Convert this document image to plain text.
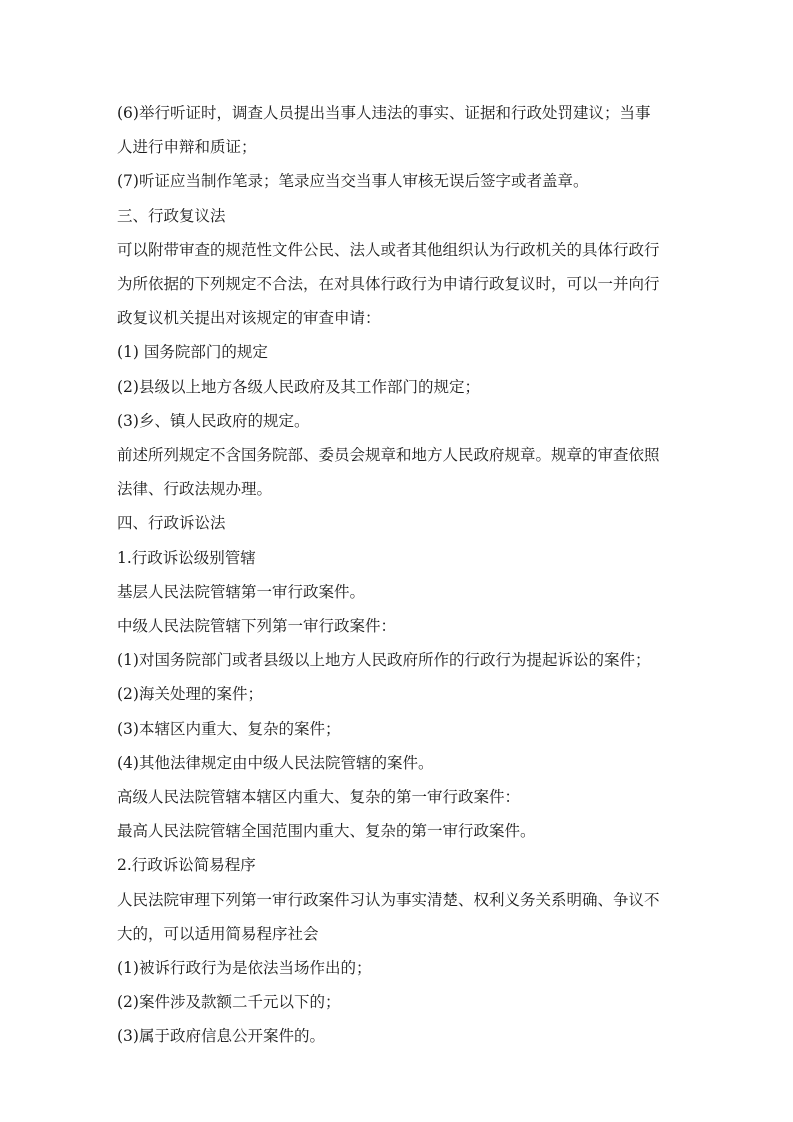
(6)举行听证时，调查人员提出当事人违法的事实、证据和行政处罚建议；当事

人进行申辩和质证；

(7)听证应当制作笔录；笔录应当交当事人审核无误后签字或者盖章。

三、行政复议法

可以附带审查的规范性文件公民、法人或者其他组织认为行政机关的具体行政行

为所依据的下列规定不合法，在对具体行政行为申请行政复议时，可以一并向行

政复议机关提出对该规定的审查申请：

(1) 国务院部门的规定

(2)县级以上地方各级人民政府及其工作部门的规定；

(3)乡、镇人民政府的规定。

前述所列规定不含国务院部、委员会规章和地方人民政府规章。规章的审查依照

法律、行政法规办理。

四、行政诉讼法

1.行政诉讼级别管辖

基层人民法院管辖第一审行政案件。

中级人民法院管辖下列第一审行政案件：

(1)对国务院部门或者县级以上地方人民政府所作的行政行为提起诉讼的案件；

(2)海关处理的案件；

(3)本辖区内重大、复杂的案件；

(4)其他法律规定由中级人民法院管辖的案件。

高级人民法院管辖本辖区内重大、复杂的第一审行政案件：

最高人民法院管辖全国范围内重大、复杂的第一审行政案件。

2.行政诉讼简易程序

人民法院审理下列第一审行政案件习认为事实清楚、权利义务关系明确、争议不

大的，可以适用简易程序社会

(1)被诉行政行为是依法当场作出的；

(2)案件涉及款额二千元以下的；

(3)属于政府信息公开案件的。
